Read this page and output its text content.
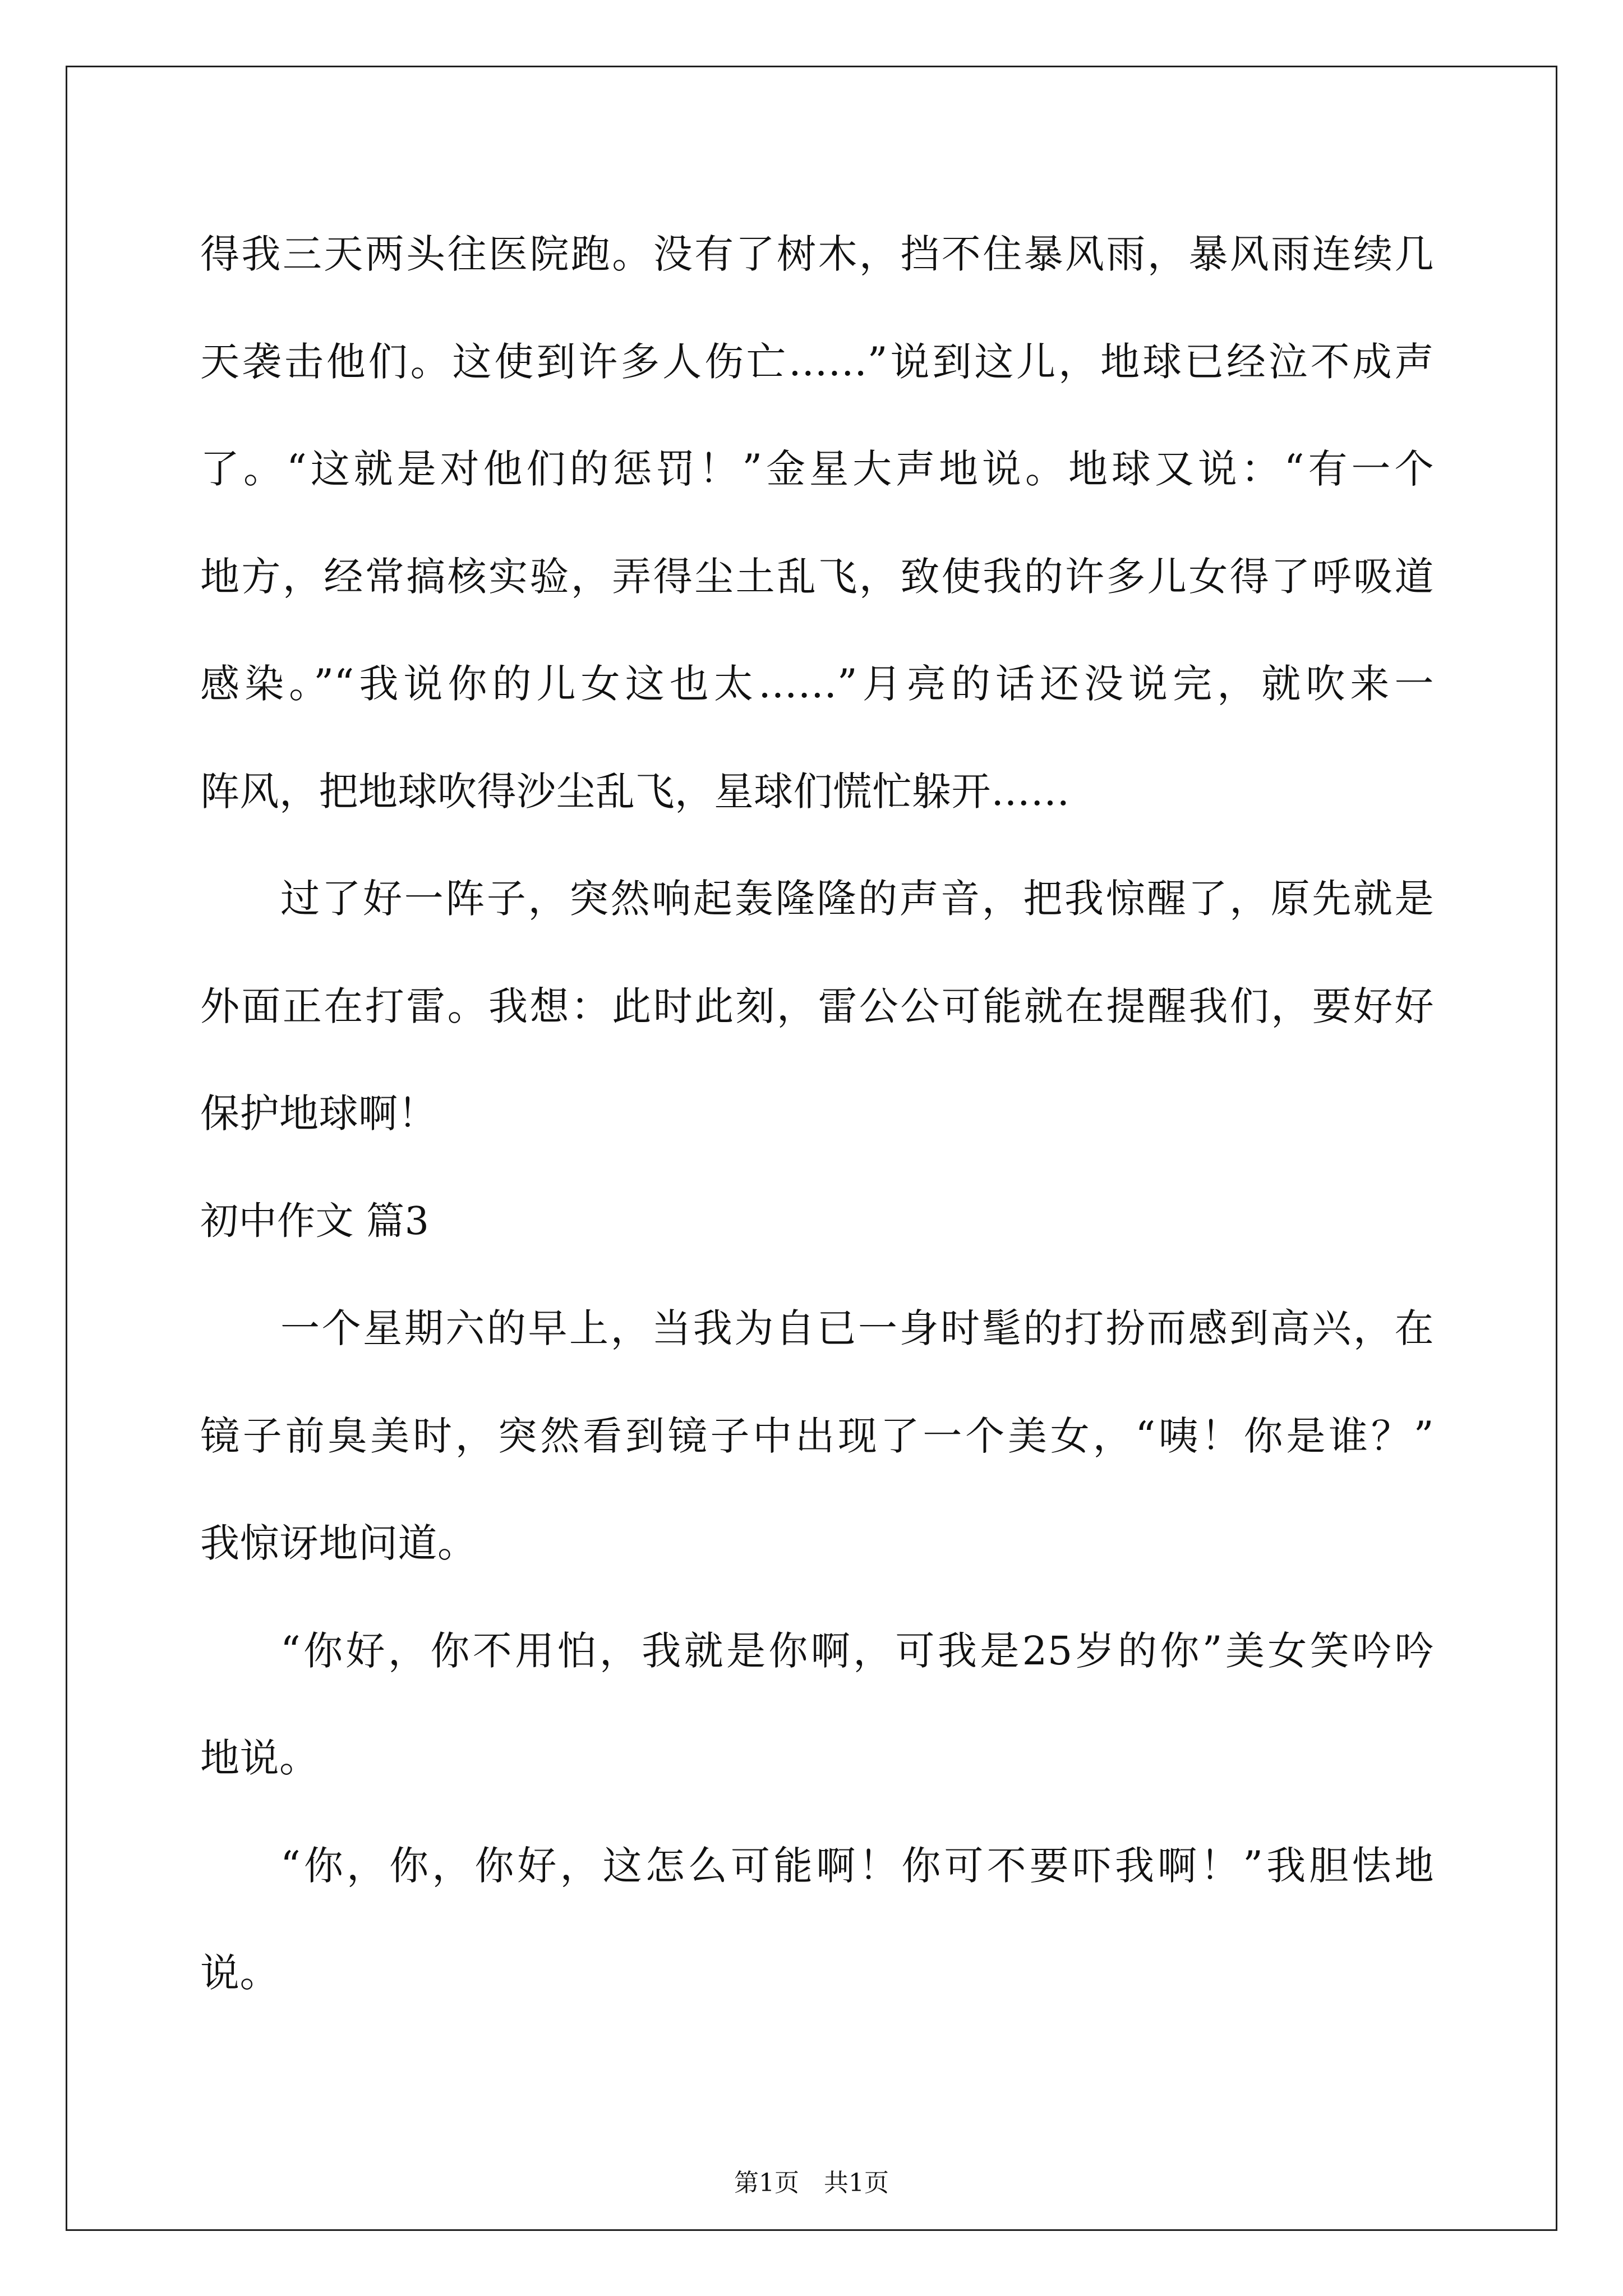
得我三天两头往医院跑。没有了树木，挡不住暴风雨，暴风雨连续几
天袭击他们。这使到许多人伤亡……”说到这儿，地球已经泣不成声
了。“这就是对他们的惩罚！”金星大声地说。地球又说：“有一个
地方，经常搞核实验，弄得尘土乱飞，致使我的许多儿女得了呼吸道
感染。”“我说你的儿女这也太……”月亮的话还没说完，就吹来一
阵风，把地球吹得沙尘乱飞，星球们慌忙躲开……
过了好一阵子，突然响起轰隆隆的声音，把我惊醒了，原先就是
外面正在打雷。我想：此时此刻，雷公公可能就在提醒我们，要好好
保护地球啊！
初中作文 篇3
一个星期六的早上，当我为自已一身时髦的打扮而感到高兴，在
镜子前臭美时，突然看到镜子中出现了一个美女，“咦！你是谁？”
我惊讶地问道。
“你好，你不用怕，我就是你啊，可我是25岁的你”美女笑吟吟
地说。
“你，你，你好，这怎么可能啊！你可不要吓我啊！”我胆怯地
说。
第1页　共1页
